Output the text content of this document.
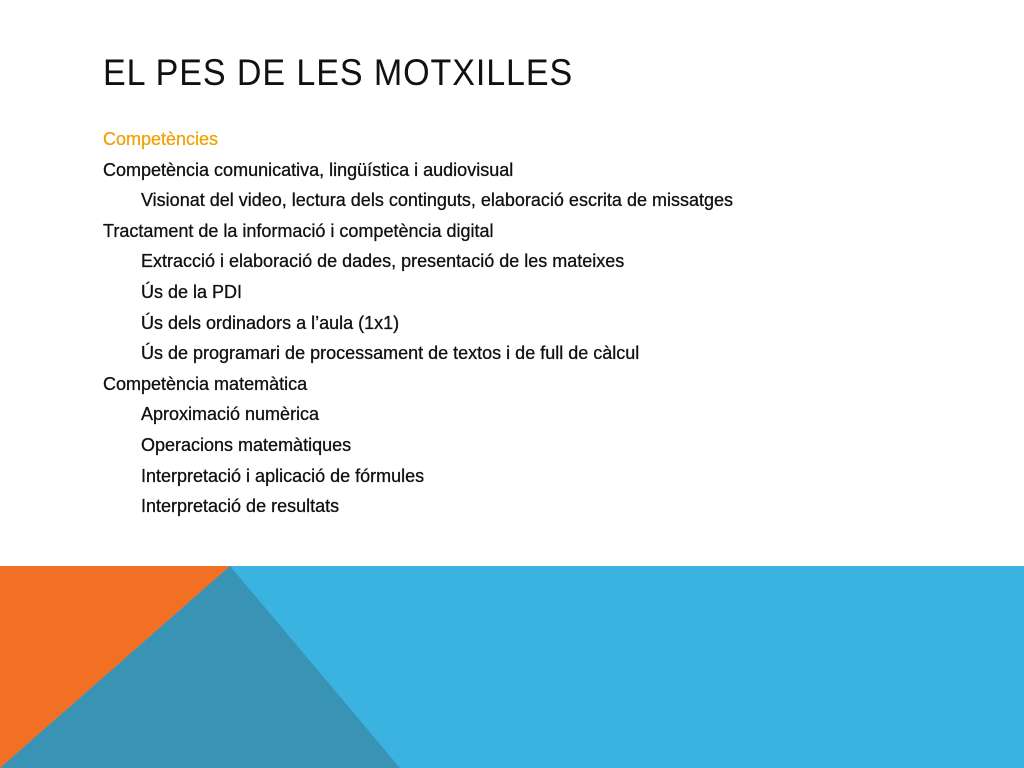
EL PES DE LES MOTXILLES
Competències
Competència comunicativa, lingüística i audiovisual
Visionat del video, lectura dels continguts, elaboració escrita de missatges
Tractament de la informació i competència digital
Extracció i elaboració de dades, presentació de les mateixes
Ús de la PDI
Ús dels ordinadors a l’aula (1x1)
Ús de programari de processament de textos i de full de càlcul
Competència matemàtica
Aproximació numèrica
Operacions matemàtiques
Interpretació i aplicació de fórmules
Interpretació de resultats
